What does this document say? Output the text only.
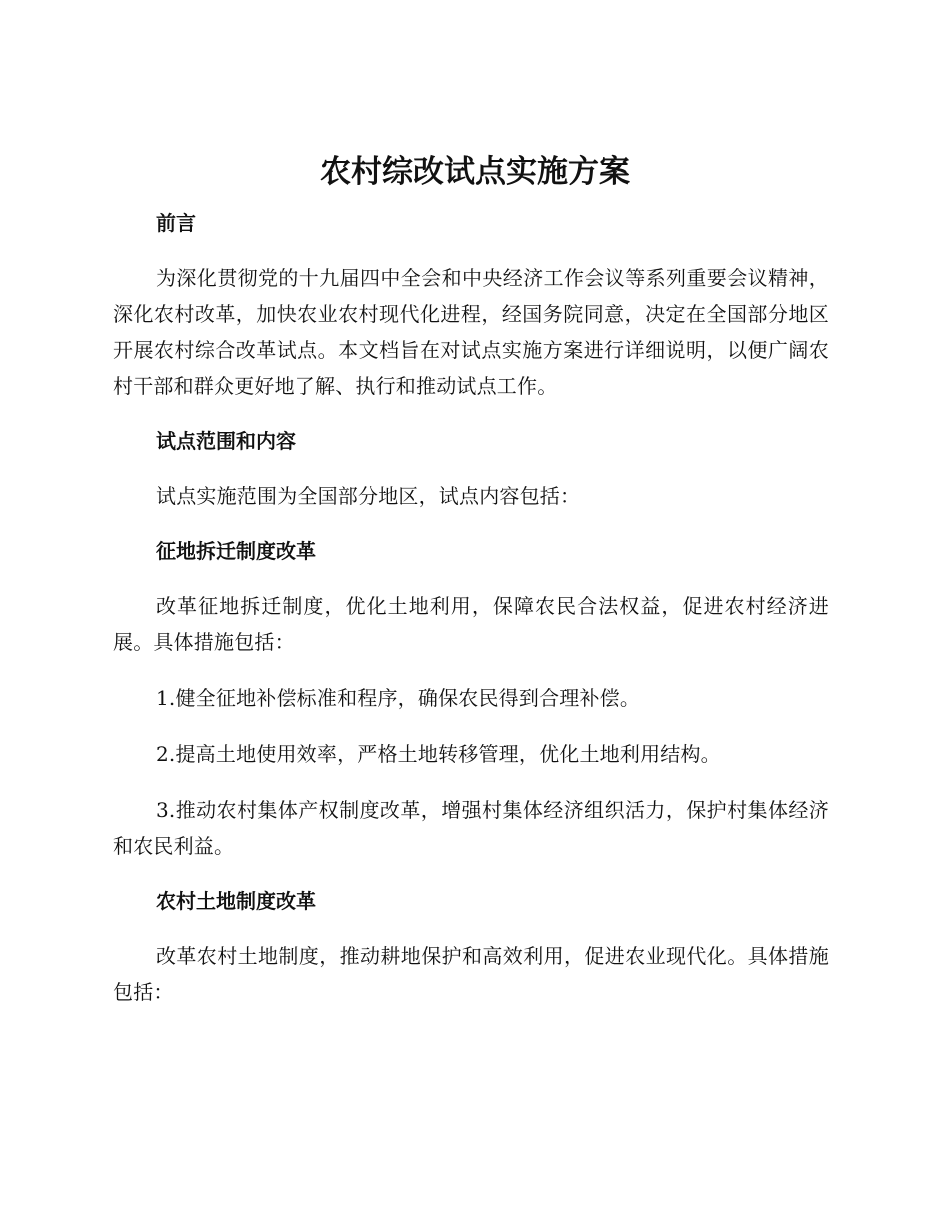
农村综改试点实施方案

前言

为深化贯彻党的十九届四中全会和中央经济工作会议等系列重要会议精神，深化农村改革，加快农业农村现代化进程，经国务院同意，决定在全国部分地区开展农村综合改革试点。本文档旨在对试点实施方案进行详细说明，以便广阔农村干部和群众更好地了解、执行和推动试点工作。

试点范围和内容

试点实施范围为全国部分地区，试点内容包括：

征地拆迁制度改革

改革征地拆迁制度，优化土地利用，保障农民合法权益，促进农村经济进展。具体措施包括：

1.健全征地补偿标准和程序，确保农民得到合理补偿。

2.提高土地使用效率，严格土地转移管理，优化土地利用结构。

3.推动农村集体产权制度改革，增强村集体经济组织活力，保护村集体经济和农民利益。

农村土地制度改革

改革农村土地制度，推动耕地保护和高效利用，促进农业现代化。具体措施包括：
